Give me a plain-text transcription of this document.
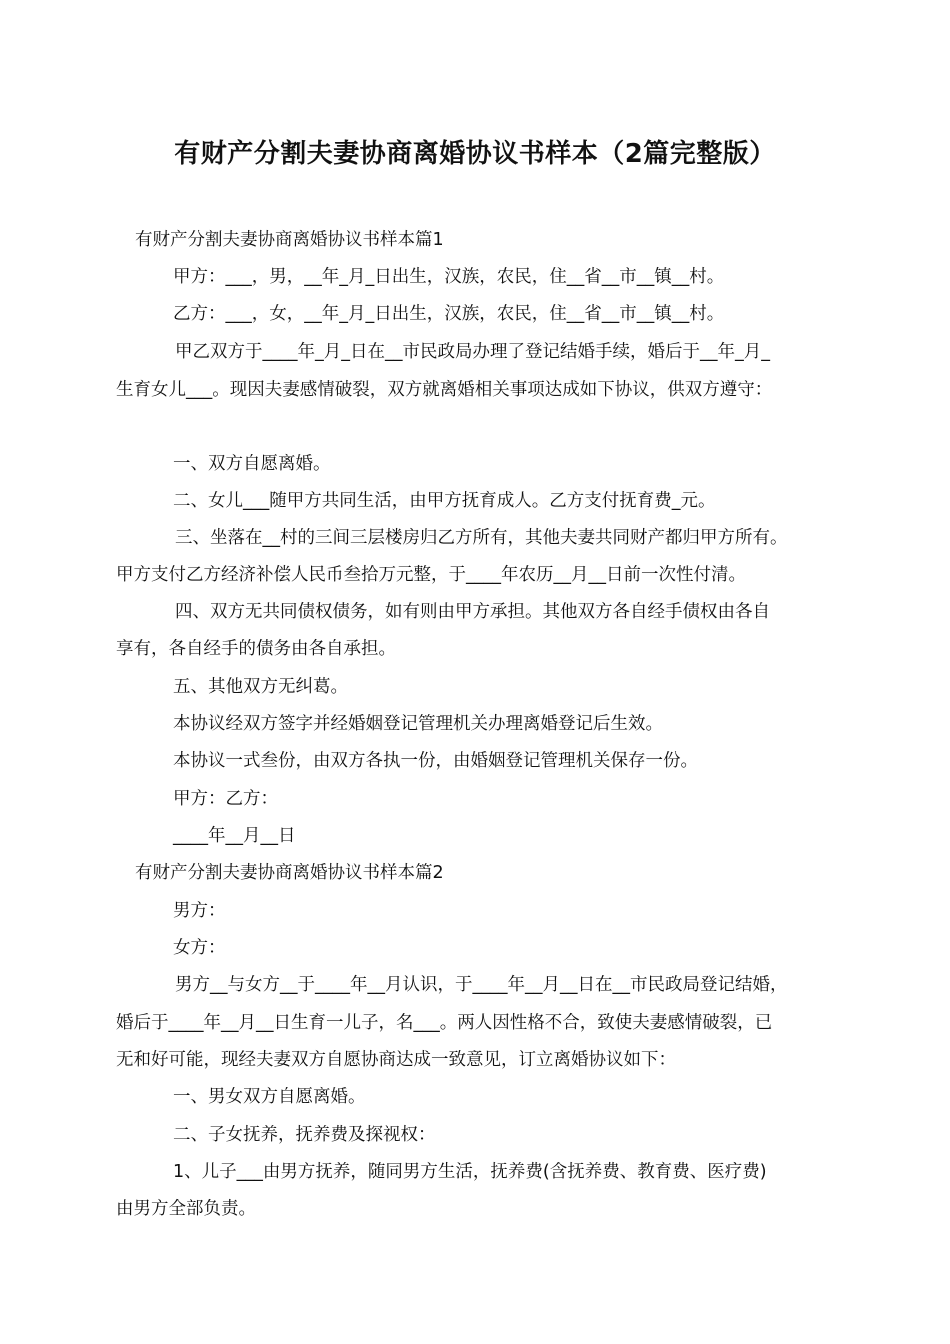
有财产分割夫妻协商离婚协议书样本（2篇完整版）
有财产分割夫妻协商离婚协议书样本篇1
甲方：___，男，__年_月_日出生，汉族，农民，住__省__市__镇__村。
乙方：___，女，__年_月_日出生，汉族，农民，住__省__市__镇__村。
甲乙双方于____年_月_日在__市民政局办理了登记结婚手续，婚后于__年_月_
生育女儿___。现因夫妻感情破裂，双方就离婚相关事项达成如下协议，供双方遵守：
一、双方自愿离婚。
二、女儿___随甲方共同生活，由甲方抚育成人。乙方支付抚育费_元。
三、坐落在__村的三间三层楼房归乙方所有，其他夫妻共同财产都归甲方所有。
甲方支付乙方经济补偿人民币叁拾万元整，于____年农历__月__日前一次性付清。
四、双方无共同债权债务，如有则由甲方承担。其他双方各自经手债权由各自
享有，各自经手的债务由各自承担。
五、其他双方无纠葛。
本协议经双方签字并经婚姻登记管理机关办理离婚登记后生效。
本协议一式叁份，由双方各执一份，由婚姻登记管理机关保存一份。
甲方：乙方：
____年__月__日
有财产分割夫妻协商离婚协议书样本篇2
男方：
女方：
男方__与女方__于____年__月认识，于____年__月__日在__市民政局登记结婚，
婚后于____年__月__日生育一儿子，名___。两人因性格不合，致使夫妻感情破裂，已
无和好可能，现经夫妻双方自愿协商达成一致意见，订立离婚协议如下：
一、男女双方自愿离婚。
二、子女抚养，抚养费及探视权：
1、儿子___由男方抚养，随同男方生活，抚养费(含抚养费、教育费、医疗费)
由男方全部负责。
